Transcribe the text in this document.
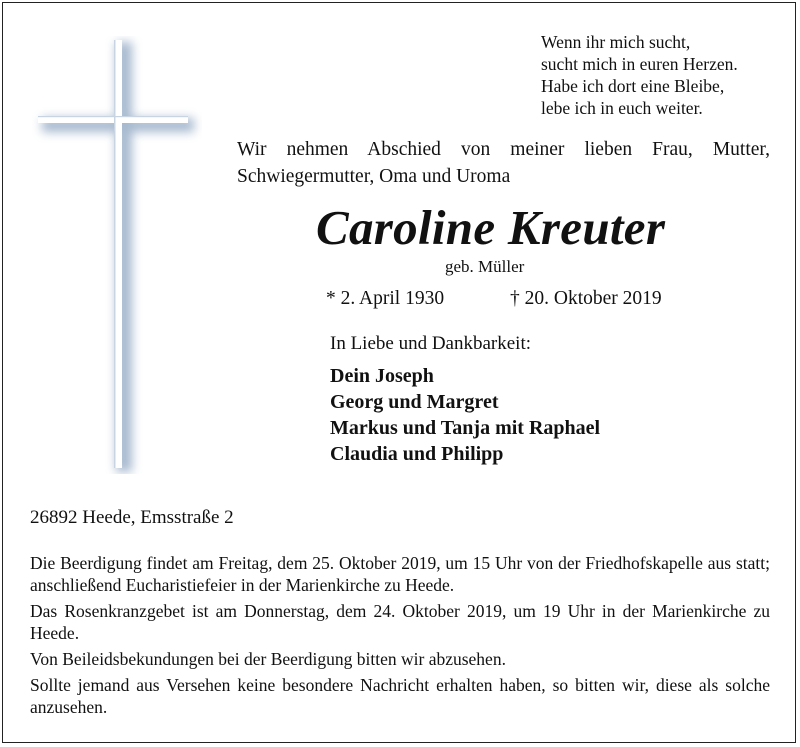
Wenn ihr mich sucht,
sucht mich in euren Herzen.
Habe ich dort eine Bleibe,
lebe ich in euch weiter.
Wir nehmen Abschied von meiner lieben Frau, Mutter, Schwiegermutter, Oma und Uroma
Caroline Kreuter
geb. Müller
* 2. April 1930	† 20. Oktober 2019
In Liebe und Dankbarkeit:
Dein Joseph
Georg und Margret
Markus und Tanja mit Raphael
Claudia und Philipp
26892 Heede, Emsstraße 2
Die Beerdigung findet am Freitag, dem 25. Oktober 2019, um 15 Uhr von der Friedhofskapelle aus statt; anschließend Eucharistiefeier in der Marienkirche zu Heede.
Das Rosenkranzgebet ist am Donnerstag, dem 24. Oktober 2019, um 19 Uhr in der Marienkirche zu Heede.
Von Beileidsbekundungen bei der Beerdigung bitten wir abzusehen.
Sollte jemand aus Versehen keine besondere Nachricht erhalten haben, so bitten wir, diese als solche anzusehen.
